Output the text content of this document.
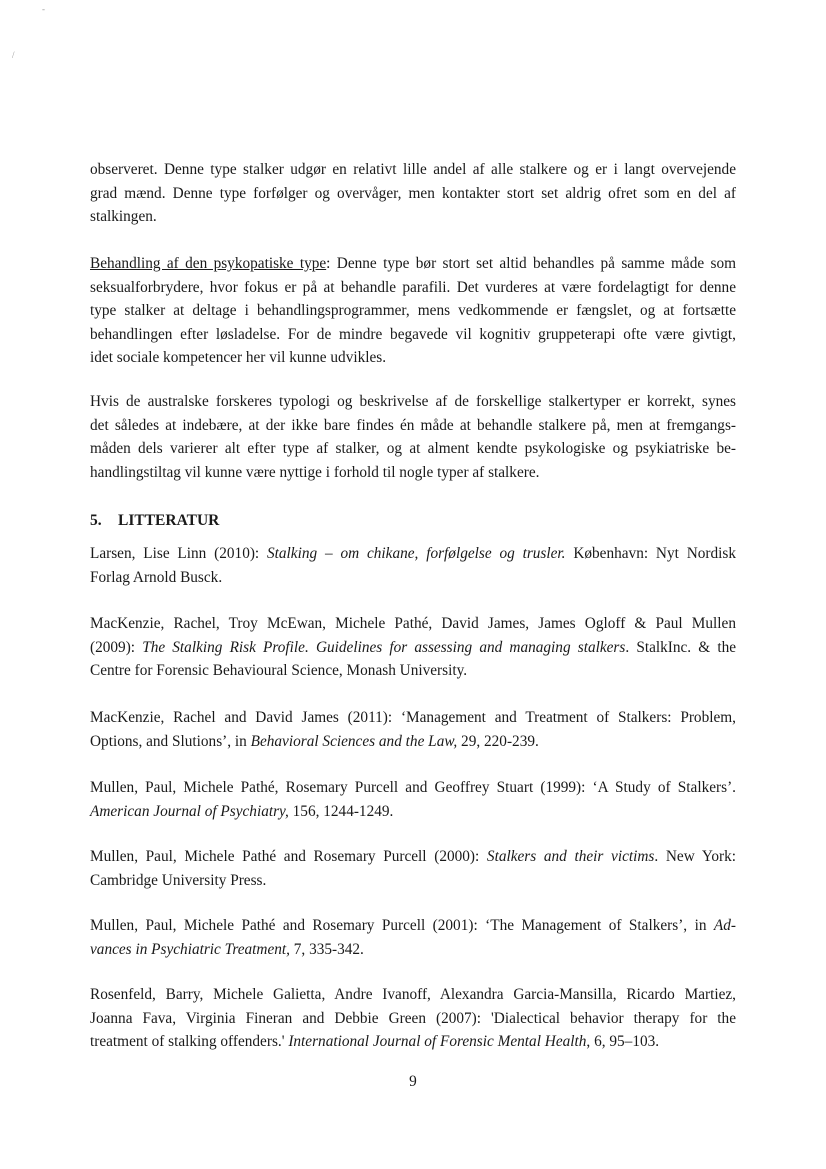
-
/
observeret. Denne type stalker udgør en relativt lille andel af alle stalkere og er i langt overvejende
grad mænd. Denne type forfølger og overvåger, men kontakter stort set aldrig ofret som en del af
stalkingen.
Behandling af den psykopatiske type: Denne type bør stort set altid behandles på samme måde som
seksualforbrydere, hvor fokus er på at behandle parafili. Det vurderes at være fordelagtigt for denne
type stalker at deltage i behandlingsprogrammer, mens vedkommende er fængslet, og at fortsætte
behandlingen efter løsladelse. For de mindre begavede vil kognitiv gruppeterapi ofte være givtigt,
idet sociale kompetencer her vil kunne udvikles.
Hvis de australske forskeres typologi og beskrivelse af de forskellige stalkertyper er korrekt, synes
det således at indebære, at der ikke bare findes én måde at behandle stalkere på, men at fremgangs-
måden dels varierer alt efter type af stalker, og at alment kendte psykologiske og psykiatriske be-
handlingstiltag vil kunne være nyttige i forhold til nogle typer af stalkere.
5. LITTERATUR
Larsen, Lise Linn (2010): Stalking – om chikane, forfølgelse og trusler. København: Nyt Nordisk
Forlag Arnold Busck.
MacKenzie, Rachel, Troy McEwan, Michele Pathé, David James, James Ogloff & Paul Mullen
(2009): The Stalking Risk Profile. Guidelines for assessing and managing stalkers. StalkInc. & the
Centre for Forensic Behavioural Science, Monash University.
MacKenzie, Rachel and David James (2011): ‘Management and Treatment of Stalkers: Problem,
Options, and Slutions’, in Behavioral Sciences and the Law, 29, 220-239.
Mullen, Paul, Michele Pathé, Rosemary Purcell and Geoffrey Stuart (1999): ‘A Study of Stalkers’.
American Journal of Psychiatry, 156, 1244-1249.
Mullen, Paul, Michele Pathé and Rosemary Purcell (2000): Stalkers and their victims. New York:
Cambridge University Press.
Mullen, Paul, Michele Pathé and Rosemary Purcell (2001): ‘The Management of Stalkers’, in Ad-
vances in Psychiatric Treatment, 7, 335-342.
Rosenfeld, Barry, Michele Galietta, Andre Ivanoff, Alexandra Garcia-Mansilla, Ricardo Martiez,
Joanna Fava, Virginia Fineran and Debbie Green (2007): 'Dialectical behavior therapy for the
treatment of stalking offenders.' International Journal of Forensic Mental Health, 6, 95–103.
9
